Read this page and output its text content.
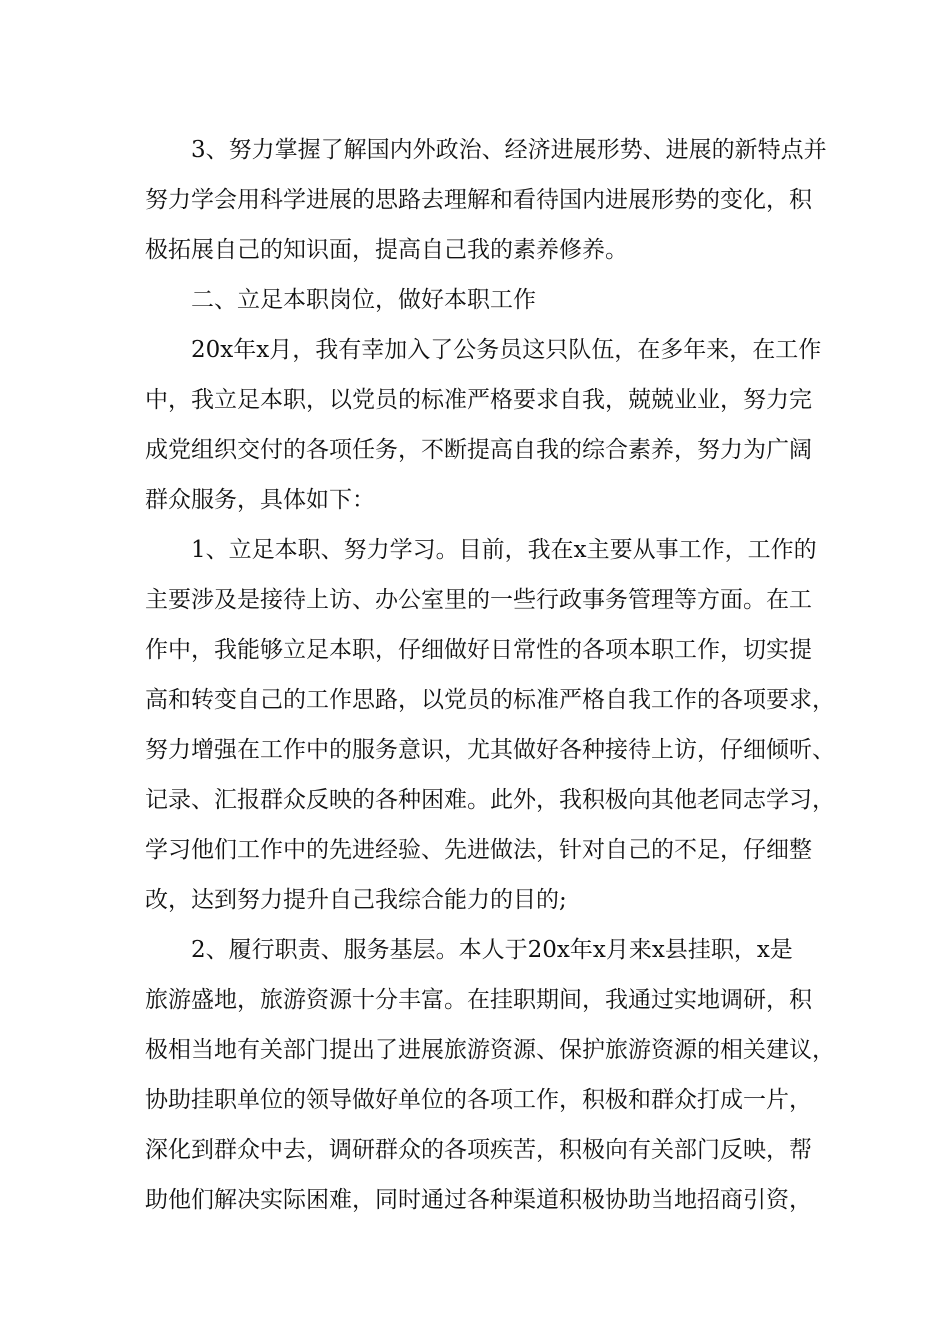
3、努力掌握了解国内外政治、经济进展形势、进展的新特点并
努力学会用科学进展的思路去理解和看待国内进展形势的变化，积
极拓展自己的知识面，提高自己我的素养修养。
二、立足本职岗位，做好本职工作
20x年x月，我有幸加入了公务员这只队伍，在多年来，在工作
中，我立足本职，以党员的标准严格要求自我，兢兢业业，努力完
成党组织交付的各项任务，不断提高自我的综合素养，努力为广阔
群众服务，具体如下：
1、立足本职、努力学习。目前，我在x主要从事工作，工作的
主要涉及是接待上访、办公室里的一些行政事务管理等方面。在工
作中，我能够立足本职，仔细做好日常性的各项本职工作，切实提
高和转变自己的工作思路，以党员的标准严格自我工作的各项要求，
努力增强在工作中的服务意识，尤其做好各种接待上访，仔细倾听、
记录、汇报群众反映的各种困难。此外，我积极向其他老同志学习，
学习他们工作中的先进经验、先进做法，针对自己的不足，仔细整
改，达到努力提升自己我综合能力的目的;
2、履行职责、服务基层。本人于20x年x月来x县挂职，x是
旅游盛地，旅游资源十分丰富。在挂职期间，我通过实地调研，积
极相当地有关部门提出了进展旅游资源、保护旅游资源的相关建议，
协助挂职单位的领导做好单位的各项工作，积极和群众打成一片，
深化到群众中去，调研群众的各项疾苦，积极向有关部门反映，帮
助他们解决实际困难，同时通过各种渠道积极协助当地招商引资，
